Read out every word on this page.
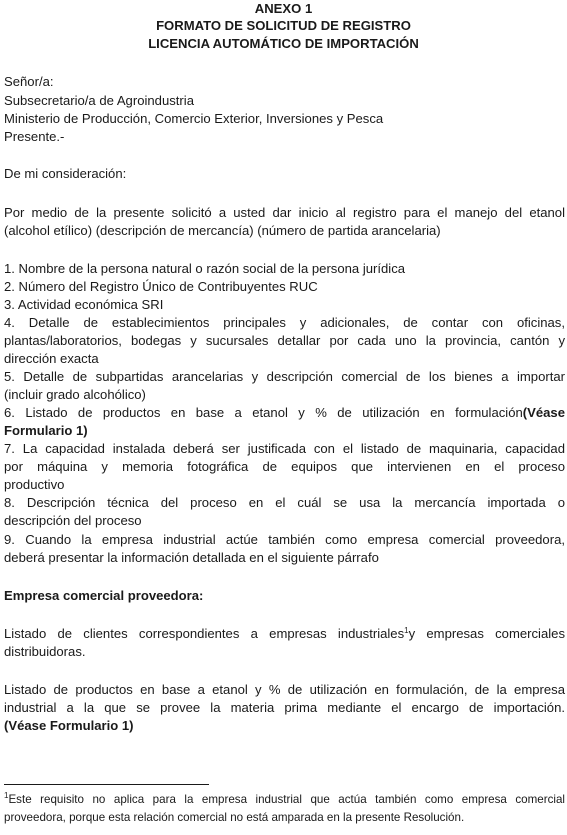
ANEXO 1
FORMATO DE SOLICITUD DE REGISTRO
LICENCIA AUTOMÁTICO DE IMPORTACIÓN
Señor/a:
Subsecretario/a de Agroindustria
Ministerio de Producción, Comercio Exterior, Inversiones y Pesca
Presente.-
De mi consideración:
Por medio de la presente solicitó a usted dar inicio al registro para el manejo del etanol
(alcohol etílico) (descripción de mercancía) (número de partida arancelaria)
1. Nombre de la persona natural o razón social de la persona jurídica
2. Número del Registro Único de Contribuyentes RUC
3. Actividad económica SRI
4. Detalle de establecimientos principales y adicionales, de contar con oficinas,
plantas/laboratorios, bodegas y sucursales detallar por cada uno la provincia, cantón y
dirección exacta
5. Detalle de subpartidas arancelarias y descripción comercial de los bienes a importar
(incluir grado alcohólico)
6. Listado de productos en base a etanol y % de utilización en formulación(Véase
Formulario 1)
7. La capacidad instalada deberá ser justificada con el listado de maquinaria, capacidad
por máquina y memoria fotográfica de equipos que intervienen en el proceso
productivo
8. Descripción técnica del proceso en el cuál se usa la mercancía importada o
descripción del proceso
9. Cuando la empresa industrial actúe también como empresa comercial proveedora,
deberá presentar la información detallada en el siguiente párrafo
Empresa comercial proveedora:
Listado de clientes correspondientes a empresas industriales$^1$y empresas comerciales
distribuidoras.
Listado de productos en base a etanol y % de utilización en formulación, de la empresa
industrial a la que se provee la materia prima mediante el encargo de importación.
(Véase Formulario 1)
$^1$Este requisito no aplica para la empresa industrial que actúa también como empresa comercial
proveedora, porque esta relación comercial no está amparada en la presente Resolución.
